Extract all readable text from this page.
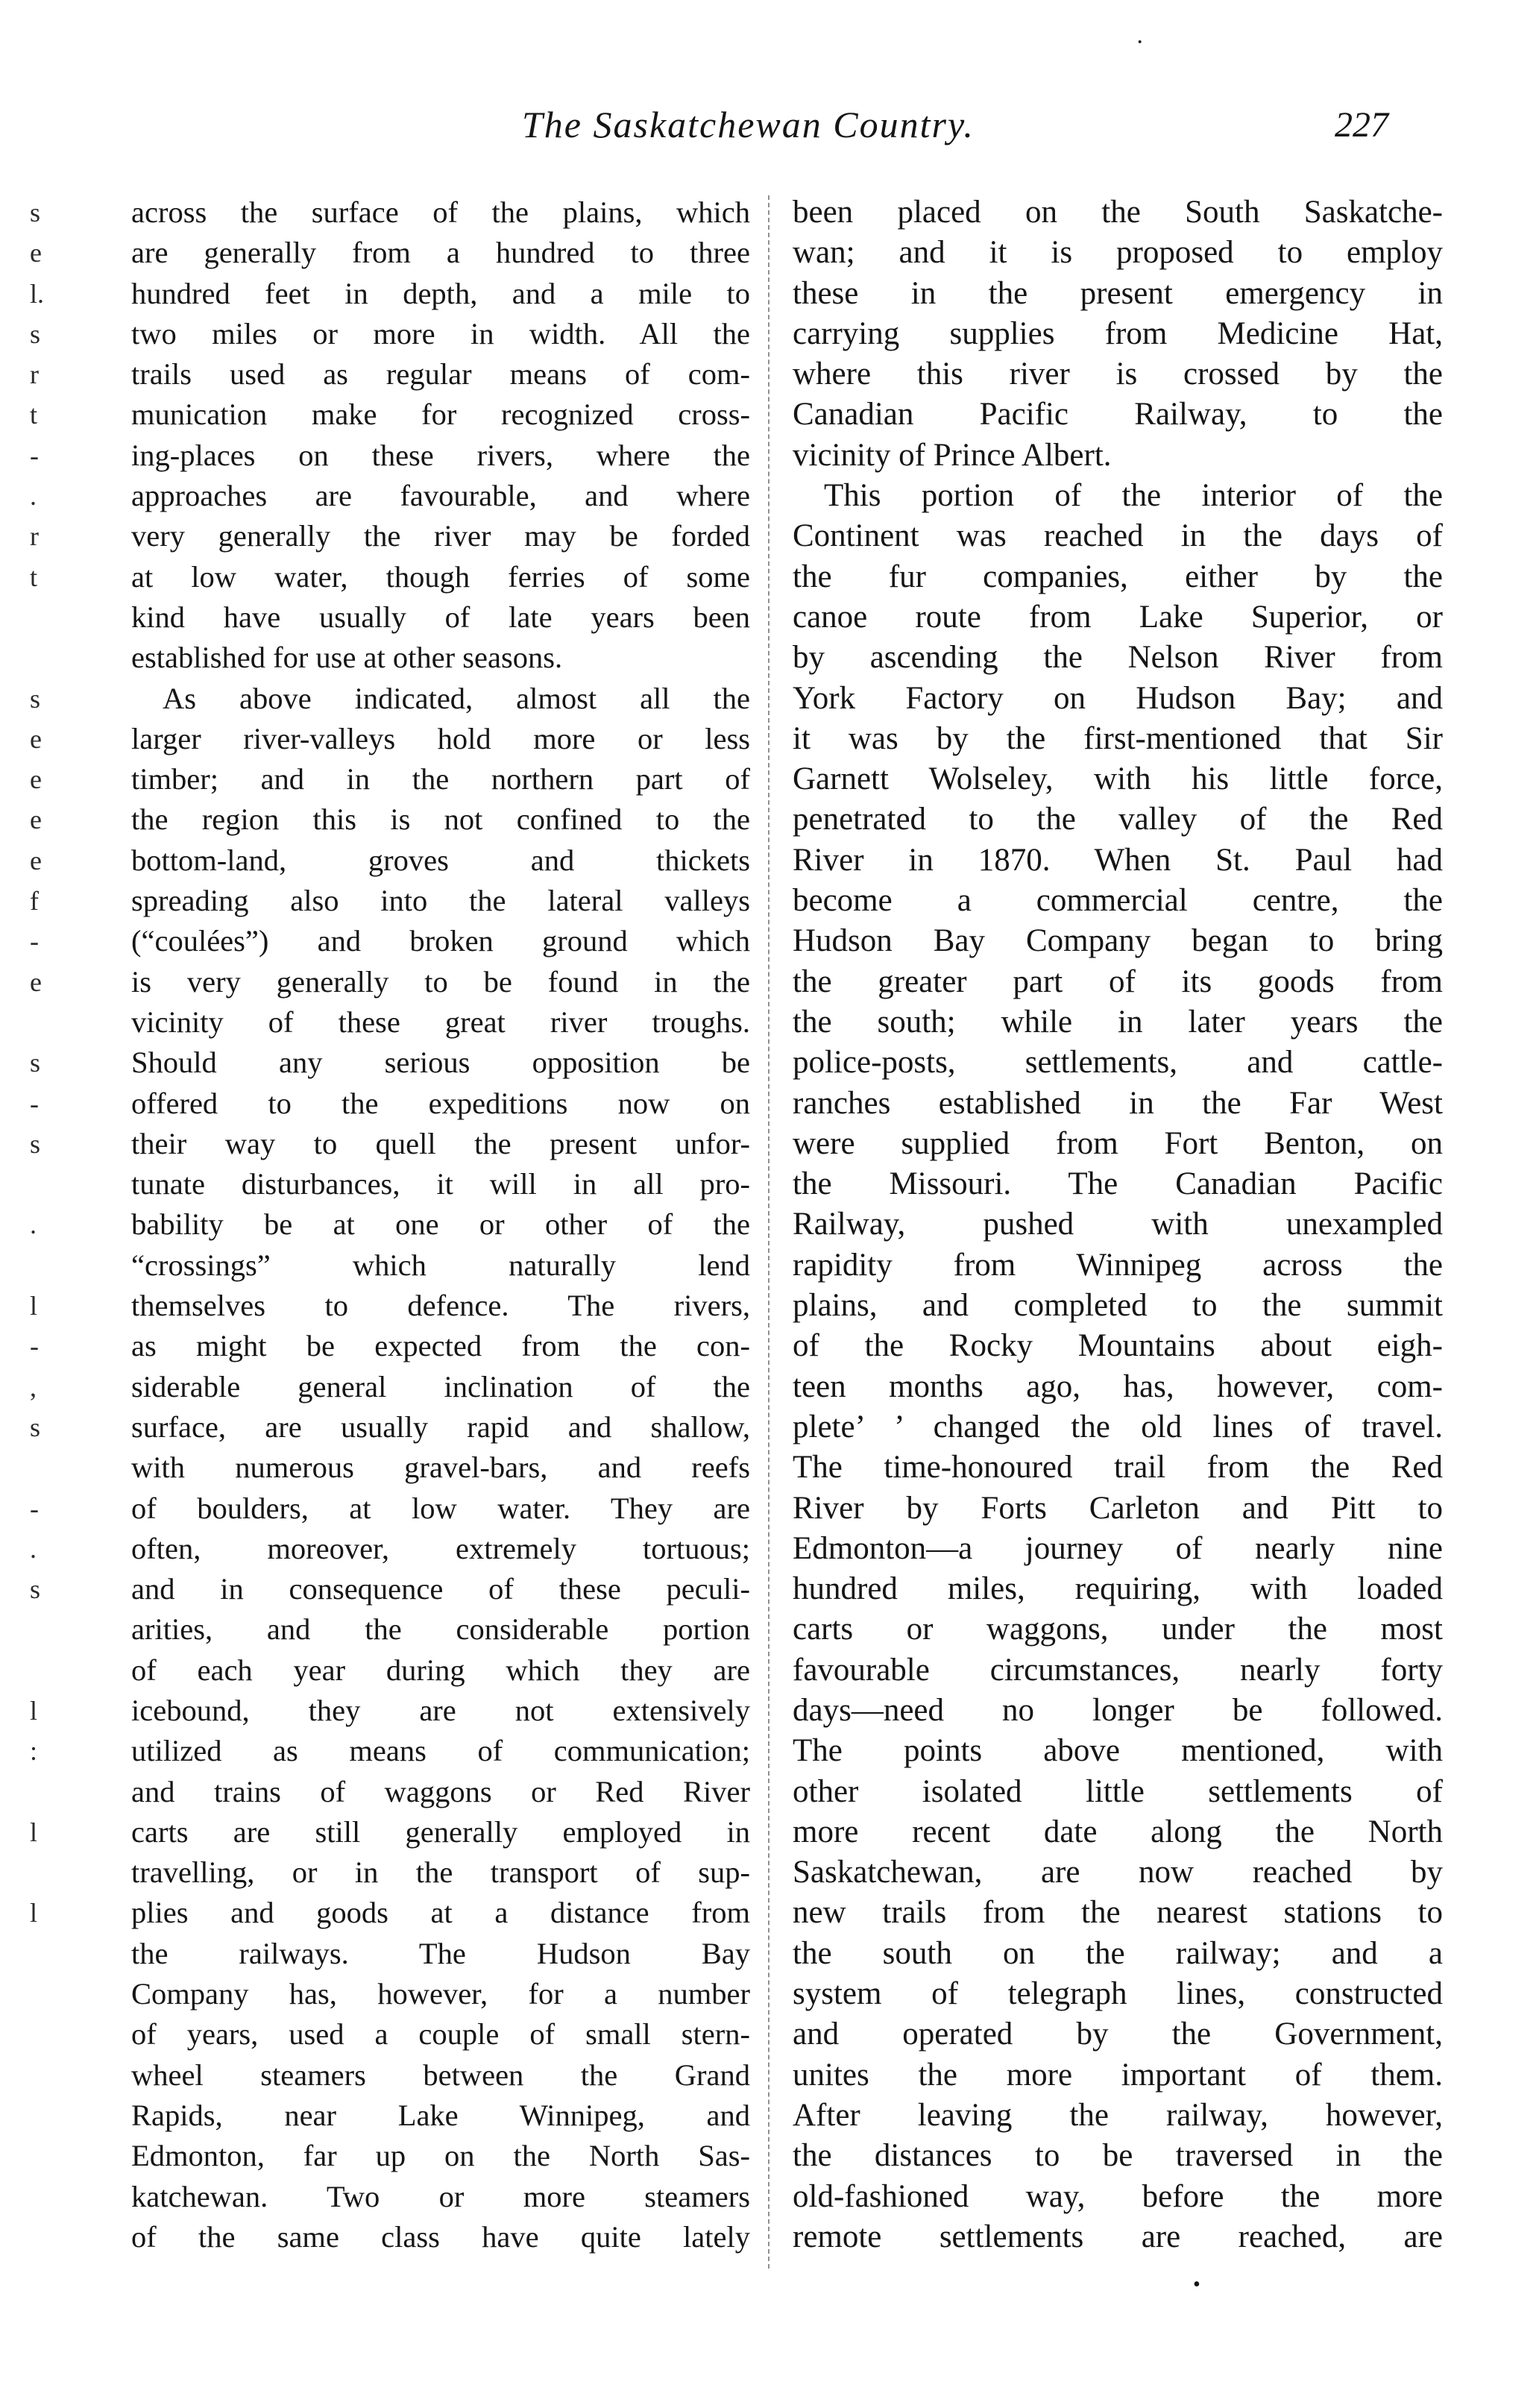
The Saskatchewan Country.	227
·
s
e
l.
s
r
t
-
.
r
t
s
e
e
e
e
f
-
e
s
-
s
.
l
-
,
s
-
.
s
l
:
l
l
across the surface of the plains, which
are generally from a hundred to three
hundred feet in depth, and a mile to
two miles or more in width. All the
trails used as regular means of com-
munication make for recognized cross-
ing-places on these rivers, where the
approaches are favourable, and where
very generally the river may be forded
at low water, though ferries of some
kind have usually of late years been
established for use at other seasons.
As above indicated, almost all the
larger river-valleys hold more or less
timber; and in the northern part of
the region this is not confined to the
bottom-land, groves and thickets
spreading also into the lateral valleys
(“coulées”) and broken ground which
is very generally to be found in the
vicinity of these great river troughs.
Should any serious opposition be
offered to the expeditions now on
their way to quell the present unfor-
tunate disturbances, it will in all pro-
bability be at one or other of the
“crossings” which naturally lend
themselves to defence. The rivers,
as might be expected from the con-
siderable general inclination of the
surface, are usually rapid and shallow,
with numerous gravel-bars, and reefs
of boulders, at low water. They are
often, moreover, extremely tortuous;
and in consequence of these peculi-
arities, and the considerable portion
of each year during which they are
icebound, they are not extensively
utilized as means of communication;
and trains of waggons or Red River
carts are still generally employed in
travelling, or in the transport of sup-
plies and goods at a distance from
the railways. The Hudson Bay
Company has, however, for a number
of years, used a couple of small stern-
wheel steamers between the Grand
Rapids, near Lake Winnipeg, and
Edmonton, far up on the North Sas-
katchewan. Two or more steamers
of the same class have quite lately
been placed on the South Saskatche-
wan; and it is proposed to employ
these in the present emergency in
carrying supplies from Medicine Hat,
where this river is crossed by the
Canadian Pacific Railway, to the
vicinity of Prince Albert.
This portion of the interior of the
Continent was reached in the days of
the fur companies, either by the
canoe route from Lake Superior, or
by ascending the Nelson River from
York Factory on Hudson Bay; and
it was by the first-mentioned that Sir
Garnett Wolseley, with his little force,
penetrated to the valley of the Red
River in 1870. When St. Paul had
become a commercial centre, the
Hudson Bay Company began to bring
the greater part of its goods from
the south; while in later years the
police-posts, settlements, and cattle-
ranches established in the Far West
were supplied from Fort Benton, on
the Missouri. The Canadian Pacific
Railway, pushed with unexampled
rapidity from Winnipeg across the
plains, and completed to the summit
of the Rocky Mountains about eigh-
teen months ago, has, however, com-
plete’ ’ changed the old lines of travel.
The time-honoured trail from the Red
River by Forts Carleton and Pitt to
Edmonton—a journey of nearly nine
hundred miles, requiring, with loaded
carts or waggons, under the most
favourable circumstances, nearly forty
days—need no longer be followed.
The points above mentioned, with
other isolated little settlements of
more recent date along the North
Saskatchewan, are now reached by
new trails from the nearest stations to
the south on the railway; and a
system of telegraph lines, constructed
and operated by the Government,
unites the more important of them.
After leaving the railway, however,
the distances to be traversed in the
old-fashioned way, before the more
remote settlements are reached, are
•
